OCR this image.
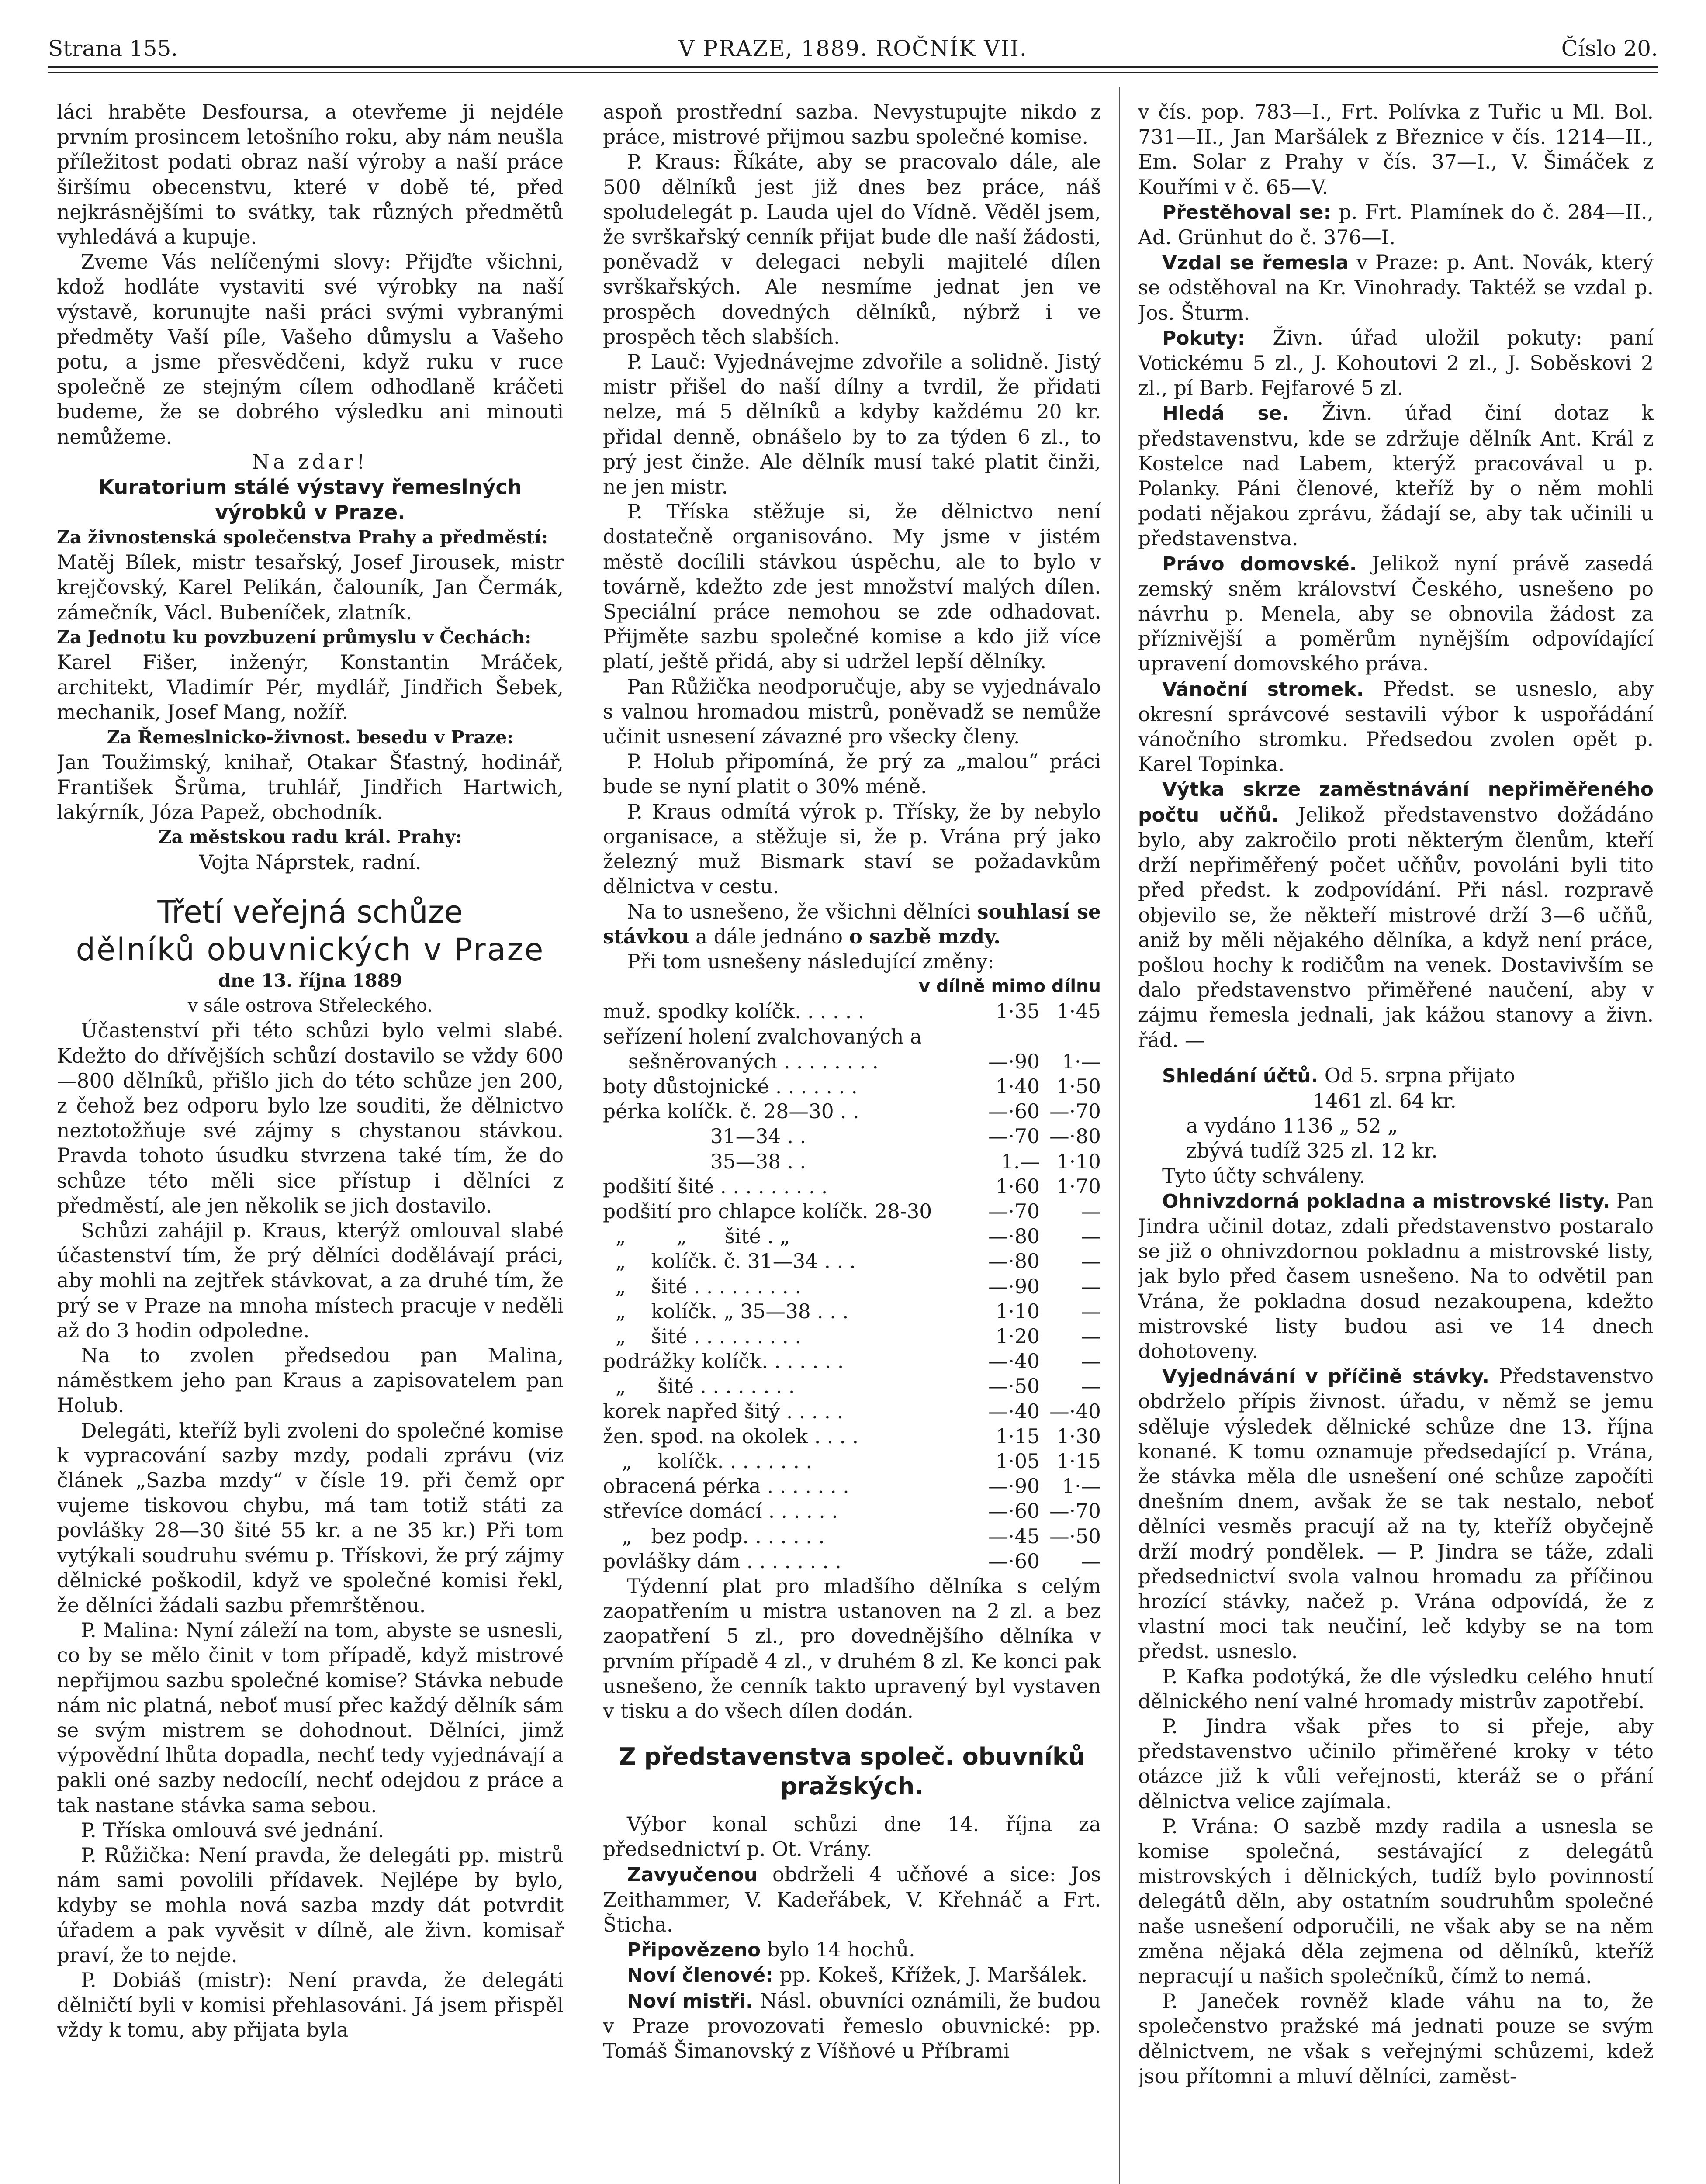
Strana 155.	V PRAZE, 1889. ROČNÍK VII.	Číslo 20.

láci hraběte Desfoursa, a otevřeme ji nejdéle prvním prosincem letošního roku, aby nám neušla příležitost podati obraz naší výroby a naší práce širšímu obecenstvu, které v době té, před nejkrásnějšími to svátky, tak různých předmětů vyhledává a kupuje.

Zveme Vás nelíčenými slovy: Přijďte všichni, kdož hodláte vystaviti své výrobky na naší výstavě, korunujte naši práci svými vybranými předměty Vaší píle, Vašeho důmyslu a Vašeho potu, a jsme přesvědčeni, když ruku v ruce společně ze stejným cílem odhodlaně kráčeti budeme, že se dobrého výsledku ani minouti nemůžeme.

Na zdar!

Kuratorium stálé výstavy řemeslných výrobků v Praze.

Za živnostenská společenstva Prahy a předměstí:

Matěj Bílek, mistr tesařský, Josef Jirousek, mistr krejčovský, Karel Pelikán, čalouník, Jan Čermák, zámečník, Václ. Bubeníček, zlatník.

Za Jednotu ku povzbuzení průmyslu v Čechách:

Karel Fišer, inženýr, Konstantin Mráček, architekt, Vladimír Pér, mydlář, Jindřich Šebek, mechanik, Josef Mang, nožíř.

Za Řemeslnicko-živnost. besedu v Praze:

Jan Toužimský, knihař, Otakar Šťastný, hodinář, František Šrůma, truhlář, Jindřich Hartwich, lakýrník, Józa Papež, obchodník.

Za městskou radu král. Prahy:

Vojta Náprstek, radní.

Třetí veřejná schůze

dělníků obuvnických v Praze

dne 13. října 1889

v sále ostrova Střeleckého.

Účastenství při této schůzi bylo velmi slabé. Kdežto do dřívějších schůzí dostavilo se vždy 600—800 dělníků, přišlo jich do této schůze jen 200, z čehož bez odporu bylo lze souditi, že dělnictvo neztotožňuje své zájmy s chystanou stávkou. Pravda tohoto úsudku stvrzena také tím, že do schůze této měli sice přístup i dělníci z předměstí, ale jen několik se jich dostavilo.

Schůzi zahájil p. Kraus, kterýž omlouval slabé účastenství tím, že prý dělníci dodělávají práci, aby mohli na zejtřek stávkovat, a za druhé tím, že prý se v Praze na mnoha místech pracuje v neděli až do 3 hodin odpoledne.

Na to zvolen předsedou pan Malina, náměstkem jeho pan Kraus a zapisovatelem pan Holub.

Delegáti, kteříž byli zvoleni do společné komise k vypracování sazby mzdy, podali zprávu (viz článek „Sazba mzdy“ v čísle 19. při čemž opr vujeme tiskovou chybu, má tam totiž státi za povlášky 28—30 šité 55 kr. a ne 35 kr.) Při tom vytýkali soudruhu svému p. Třískovi, že prý zájmy dělnické poškodil, když ve společné komisi řekl, že dělníci žádali sazbu přemrštěnou.

P. Malina: Nyní záleží na tom, abyste se usnesli, co by se mělo činit v tom případě, když mistrové nepřijmou sazbu společné komise? Stávka nebude nám nic platná, neboť musí přec každý dělník sám se svým mistrem se dohodnout. Dělníci, jimž výpovědní lhůta dopadla, nechť tedy vyjednávají a pakli oné sazby nedocílí, nechť odejdou z práce a tak nastane stávka sama sebou.

P. Tříska omlouvá své jednání.

P. Růžička: Není pravda, že delegáti pp. mistrů nám sami povolili přídavek. Nejlépe by bylo, kdyby se mohla nová sazba mzdy dát potvrdit úřadem a pak vyvěsit v dílně, ale živn. komisař praví, že to nejde.

P. Dobiáš (mistr): Není pravda, že delegáti dělničtí byli v komisi přehlasováni. Já jsem přispěl vždy k tomu, aby přijata byla

aspoň prostřední sazba. Nevystupujte nikdo z práce, mistrové přijmou sazbu společné komise.

P. Kraus: Říkáte, aby se pracovalo dále, ale 500 dělníků jest již dnes bez práce, náš spoludelegát p. Lauda ujel do Vídně. Věděl jsem, že svrškařský cenník přijat bude dle naší žádosti, poněvadž v delegaci nebyli majitelé dílen svrškařských. Ale nesmíme jednat jen ve prospěch dovedných dělníků, nýbrž i ve prospěch těch slabších.

P. Lauč: Vyjednávejme zdvořile a solidně. Jistý mistr přišel do naší dílny a tvrdil, že přidati nelze, má 5 dělníků a kdyby každému 20 kr. přidal denně, obnášelo by to za týden 6 zl., to prý jest činže. Ale dělník musí také platit činži, ne jen mistr.

P. Tříska stěžuje si, že dělnictvo není dostatečně organisováno. My jsme v jistém městě docílili stávkou úspěchu, ale to bylo v továrně, kdežto zde jest množství malých dílen. Speciální práce nemohou se zde odhadovat. Přijměte sazbu společné komise a kdo již více platí, ještě přidá, aby si udržel lepší dělníky.

Pan Růžička neodporučuje, aby se vyjednávalo s valnou hromadou mistrů, poněvadž se nemůže učinit usnesení závazné pro všecky členy.

P. Holub připomíná, že prý za „malou“ práci bude se nyní platit o 30% méně.

P. Kraus odmítá výrok p. Třísky, že by nebylo organisace, a stěžuje si, že p. Vrána prý jako železný muž Bismark staví se požadavkům dělnictva v cestu.

Na to usnešeno, že všichni dělníci souhlasí se stávkou a dále jednáno o sazbě mzdy.

Při tom usnešeny následující změny:

v dílně mimo dílnu
muž. spodky kolíčk. . . . . .	1·35 1·45
seřízení holení zvalchovaných a
sešněrovaných . . . . . . . .	—·90	1·—
boty důstojnické . . . . . . .	1·40 1·50
pérka kolíčk. č. 28—30 . .	—·60 —·70
31—34 . .	—·70 —·80
35—38 . .	1.— 1·10
podšití šité . . . . . . . . .	1·60 1·70
podšití pro chlapce kolíčk. 28-30	—·70	—
„        „      šité . „	—·80	—
„    kolíčk. č. 31—34 . . .	—·80	—
„    šité . . . . . . . . .	—·90	—
„    kolíčk. „ 35—38 . . .	1·10	—
„    šité . . . . . . . . .	1·20	—
podrážky kolíčk. . . . . . .	—·40	—
„     šité . . . . . . . .	—·50	—
korek napřed šitý . . . . .	—·40 —·40
žen. spod. na okolek . . . .	1·15 1·30
„    kolíčk. . . . . . . .	1·05 1·15
obracená pérka . . . . . . .	—·90	1·—
střevíce domácí . . . . . .	—·60 —·70
„   bez podp. . . . . . .	—·45 —·50
povlášky dám . . . . . . . .	—·60	—

Týdenní plat pro mladšího dělníka s celým zaopatřením u mistra ustanoven na 2 zl. a bez zaopatření 5 zl., pro dovednějšího dělníka v prvním případě 4 zl., v druhém 8 zl. Ke konci pak usnešeno, že cenník takto upravený byl vystaven v tisku a do všech dílen dodán.

Z představenstva společ. obuvníků pražských.

Výbor konal schůzi dne 14. října za předsednictví p. Ot. Vrány.

Zavyučenou obdrželi 4 učňové a sice: Jos Zeithammer, V. Kadeřábek, V. Křehnáč a Frt. Šticha.

Připovězeno bylo 14 hochů.

Noví členové: pp. Kokeš, Křížek, J. Maršálek.

Noví mistři. Násl. obuvníci oznámili, že budou v Praze provozovati řemeslo obuvnické: pp. Tomáš Šimanovský z Víšňové u Příbrami

v čís. pop. 783—I., Frt. Polívka z Tuřic u Ml. Bol. 731—II., Jan Maršálek z Březnice v čís. 1214—II., Em. Solar z Prahy v čís. 37—I., V. Šimáček z Kouřími v č. 65—V.

Přestěhoval se: p. Frt. Plamínek do č. 284—II., Ad. Grünhut do č. 376—I.

Vzdal se řemesla v Praze: p. Ant. Novák, který se odstěhoval na Kr. Vinohrady. Taktéž se vzdal p. Jos. Šturm.

Pokuty: Živn. úřad uložil pokuty: paní Votickému 5 zl., J. Kohoutovi 2 zl., J. Soběskovi 2 zl., pí Barb. Fejfarové 5 zl.

Hledá se. Živn. úřad činí dotaz k představenstvu, kde se zdržuje dělník Ant. Král z Kostelce nad Labem, kterýž pracovával u p. Polanky. Páni členové, kteříž by o něm mohli podati nějakou zprávu, žádají se, aby tak učinili u představenstva.

Právo domovské. Jelikož nyní právě zasedá zemský sněm království Českého, usnešeno po návrhu p. Menela, aby se obnovila žádost za příznivější a poměrům nynějším odpovídající upravení domovského práva.

Vánoční stromek. Předst. se usneslo, aby okresní správcové sestavili výbor k uspořádání vánočního stromku. Předsedou zvolen opět p. Karel Topinka.

Výtka skrze zaměstnávání nepřiměřeného počtu učňů. Jelikož představenstvo dožádáno bylo, aby zakročilo proti některým členům, kteří drží nepřiměřený počet učňův, povoláni byli tito před předst. k zodpovídání. Při násl. rozpravě objevilo se, že někteří mistrové drží 3—6 učňů, aniž by měli nějakého dělníka, a když není práce, pošlou hochy k rodičům na venek. Dostavivším se dalo představenstvo přiměřené naučení, aby v zájmu řemesla jednali, jak kážou stanovy a živn. řád. —

Shledání účtů. Od 5. srpna přijato

1461 zl. 64 kr.

a vydáno 1136 „ 52 „

zbývá tudíž 325 zl. 12 kr.

Tyto účty schváleny.

Ohnivzdorná pokladna a mistrovské listy. Pan Jindra učinil dotaz, zdali představenstvo postaralo se již o ohnivzdornou pokladnu a mistrovské listy, jak bylo před časem usnešeno. Na to odvětil pan Vrána, že pokladna dosud nezakoupena, kdežto mistrovské listy budou asi ve 14 dnech dohotoveny.

Vyjednávání v příčině stávky. Představenstvo obdrželo přípis živnost. úřadu, v němž se jemu sděluje výsledek dělnické schůze dne 13. října konané. K tomu oznamuje předsedající p. Vrána, že stávka měla dle usnešení oné schůze započíti dnešním dnem, avšak že se tak nestalo, neboť dělníci vesměs pracují až na ty, kteříž obyčejně drží modrý pondělek. — P. Jindra se táže, zdali předsednictví svola valnou hromadu za příčinou hrozící stávky, načež p. Vrána odpovídá, že z vlastní moci tak neučiní, leč kdyby se na tom předst. usneslo.

P. Kafka podotýká, že dle výsledku celého hnutí dělnického není valné hromady mistrův zapotřebí.

P. Jindra však přes to si přeje, aby představenstvo učinilo přiměřené kroky v této otázce již k vůli veřejnosti, kteráž se o přání dělnictva velice zajímala.

P. Vrána: O sazbě mzdy radila a usnesla se komise společná, sestávající z delegátů mistrovských i dělnických, tudíž bylo povinností delegátů děln, aby ostatním soudruhům společné naše usnešení odporučili, ne však aby se na něm změna nějaká děla zejmena od dělníků, kteříž nepracují u našich společníků, čímž to nemá.

P. Janeček rovněž klade váhu na to, že společenstvo pražské má jednati pouze se svým dělnictvem, ne však s veřejnými schůzemi, kdež jsou přítomni a mluví dělníci, zaměst-
